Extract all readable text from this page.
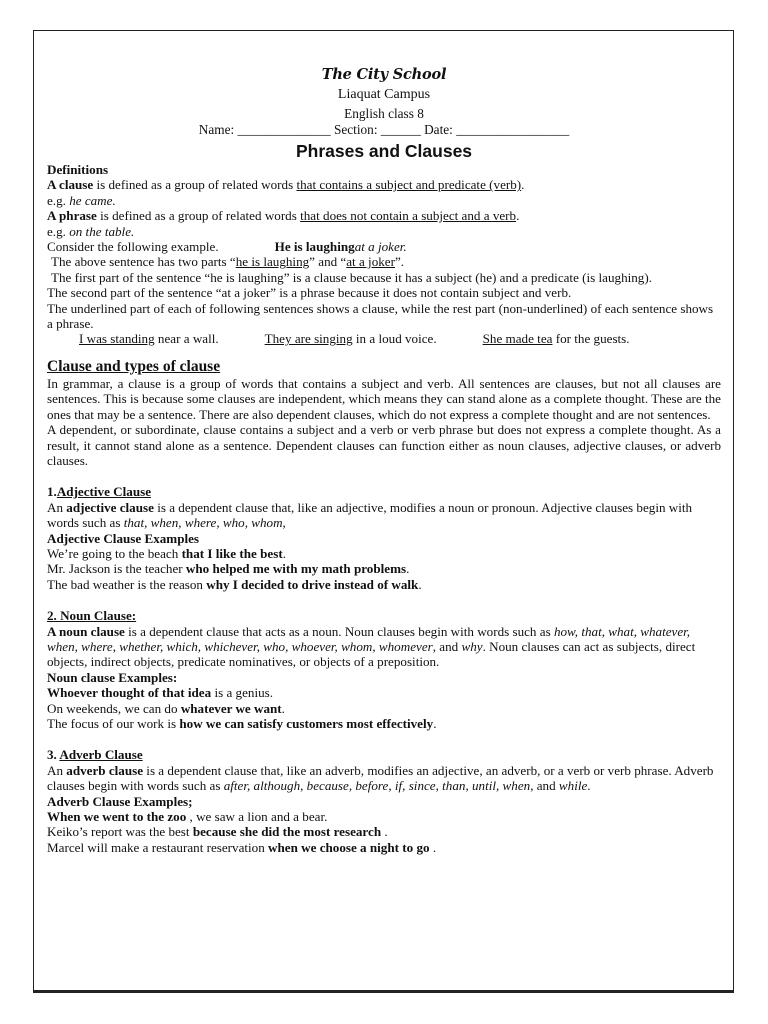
The City School
Liaquat Campus
English class 8
Name: ______________ Section: ______ Date: _________________
Phrases and Clauses
Definitions
A clause is defined as a group of related words that contains a subject and predicate (verb).
e.g. he came.
A phrase is defined as a group of related words that does not contain a subject and a verb.
e.g. on the table.
Consider the following example.	He is laughingat a joker.
The above sentence has two parts “he is laughing” and “at a joker”.
The first part of the sentence “he is laughing” is a clause because it has a subject (he) and a predicate (is laughing).
The second part of the sentence “at a joker” is a phrase because it does not contain subject and verb.
The underlined part of each of following sentences shows a clause, while the rest part (non-underlined) of each sentence shows a phrase.
I was standing near a wall.	They are singing in a loud voice.	She made tea for the guests.
Clause and types of clause
In grammar, a clause is a group of words that contains a subject and verb. All sentences are clauses, but not all clauses are sentences. This is because some clauses are independent, which means they can stand alone as a complete thought. These are the ones that may be a sentence. There are also dependent clauses, which do not express a complete thought and are not sentences.
A dependent, or subordinate, clause contains a subject and a verb or verb phrase but does not express a complete thought. As a result, it cannot stand alone as a sentence. Dependent clauses can function either as noun clauses, adjective clauses, or adverb clauses.
1.Adjective Clause
An adjective clause is a dependent clause that, like an adjective, modifies a noun or pronoun. Adjective clauses begin with words such as that, when, where, who, whom,
Adjective Clause Examples
We’re going to the beach that I like the best.
Mr. Jackson is the teacher who helped me with my math problems.
The bad weather is the reason why I decided to drive instead of walk.
2. Noun Clause:
A noun clause is a dependent clause that acts as a noun. Noun clauses begin with words such as how, that, what, whatever, when, where, whether, which, whichever, who, whoever, whom, whomever, and why. Noun clauses can act as subjects, direct objects, indirect objects, predicate nominatives, or objects of a preposition.
Noun clause Examples:
Whoever thought of that idea is a genius.
On weekends, we can do whatever we want.
The focus of our work is how we can satisfy customers most effectively.
3. Adverb Clause
An adverb clause is a dependent clause that, like an adverb, modifies an adjective, an adverb, or a verb or verb phrase. Adverb clauses begin with words such as after, although, because, before, if, since, than, until, when, and while.
Adverb Clause Examples;
When we went to the zoo , we saw a lion and a bear.
Keiko’s report was the best because she did the most research .
Marcel will make a restaurant reservation when we choose a night to go .
